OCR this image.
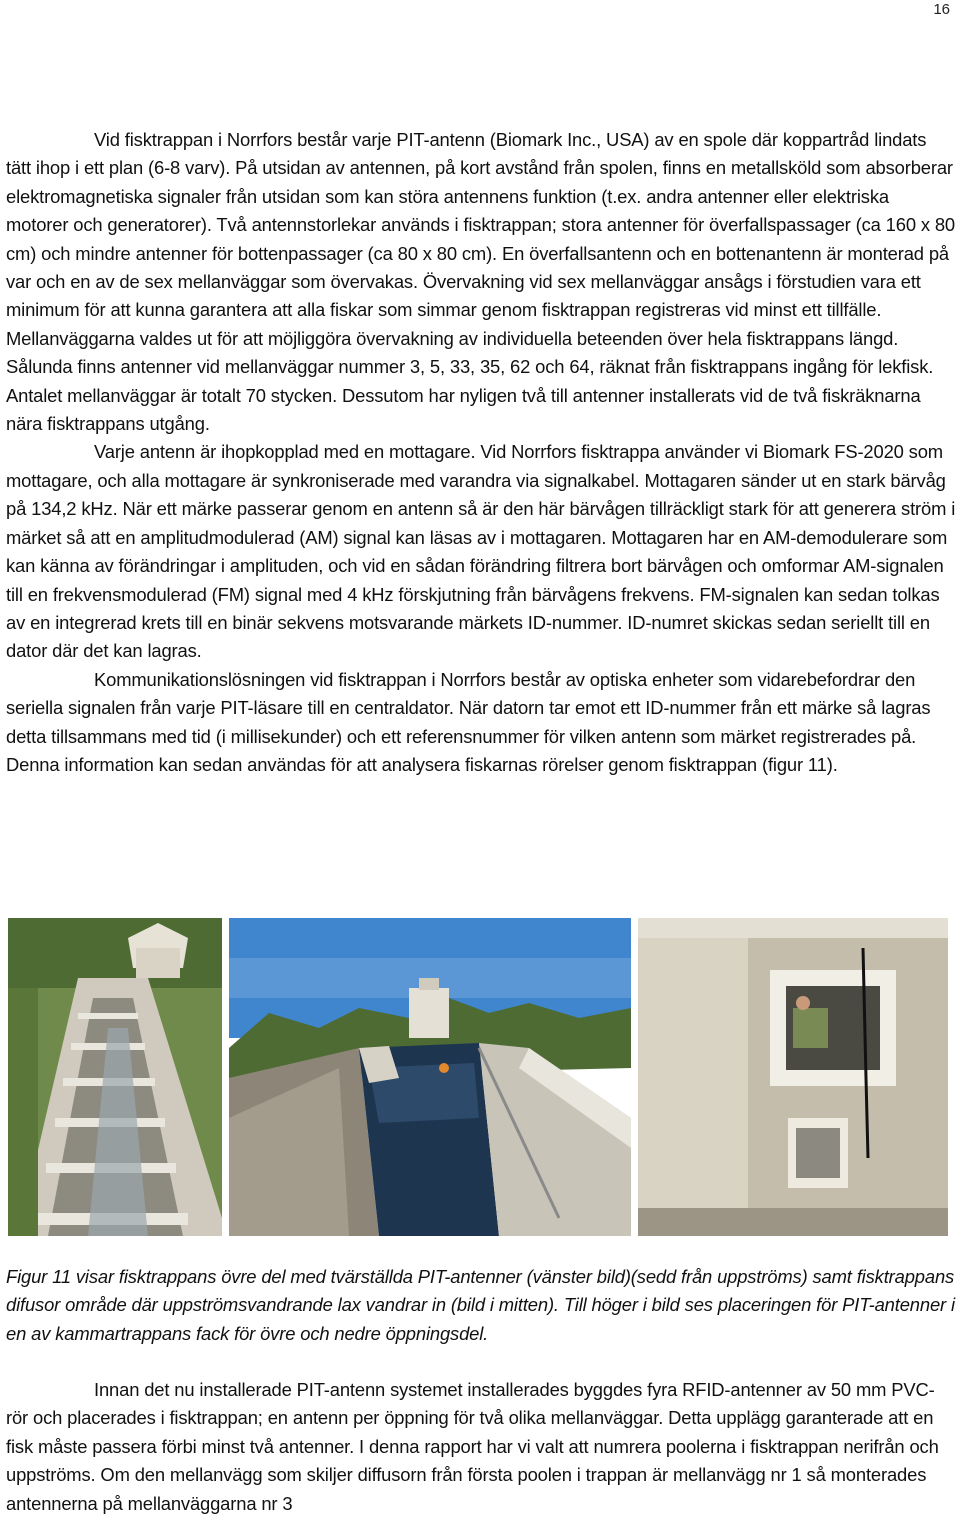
16

Vid fisktrappan i Norrfors består varje PIT-antenn (Biomark Inc., USA) av en spole där koppartråd lindats tätt ihop i ett plan (6-8 varv). På utsidan av antennen, på kort avstånd från spolen, finns en metallsköld som absorberar elektromagnetiska signaler från utsidan som kan störa antennens funktion (t.ex. andra antenner eller elektriska motorer och generatorer). Två antennstorlekar används i fisktrappan; stora antenner för överfallspassager (ca 160 x 80 cm) och mindre antenner för bottenpassager (ca 80 x 80 cm). En överfallsantenn och en bottenantenn är monterad på var och en av de sex mellanväggar som övervakas. Övervakning vid sex mellanväggar ansågs i förstudien vara ett minimum för att kunna garantera att alla fiskar som simmar genom fisktrappan registreras vid minst ett tillfälle. Mellanväggarna valdes ut för att möjliggöra övervakning av individuella beteenden över hela fisktrappans längd. Sålunda finns antenner vid mellanväggar nummer 3, 5, 33, 35, 62 och 64, räknat från fisktrappans ingång för lekfisk. Antalet mellanväggar är totalt 70 stycken. Dessutom har nyligen två till antenner installerats vid de två fiskräknarna nära fisktrappans utgång.

Varje antenn är ihopkopplad med en mottagare. Vid Norrfors fisktrappa använder vi Biomark FS-2020 som mottagare, och alla mottagare är synkroniserade med varandra via signalkabel. Mottagaren sänder ut en stark bärvåg på 134,2 kHz. När ett märke passerar genom en antenn så är den här bärvågen tillräckligt stark för att generera ström i märket så att en amplitudmodulerad (AM) signal kan läsas av i mottagaren. Mottagaren har en AM-demodulerare som kan känna av förändringar i amplituden, och vid en sådan förändring filtrera bort bärvågen och omformar AM-signalen till en frekvensmodulerad (FM) signal med 4 kHz förskjutning från bärvågens frekvens. FM-signalen kan sedan tolkas av en integrerad krets till en binär sekvens motsvarande märkets ID-nummer. ID-numret skickas sedan seriellt till en dator där det kan lagras.

Kommunikationslösningen vid fisktrappan i Norrfors består av optiska enheter som vidarebefordrar den seriella signalen från varje PIT-läsare till en centraldator. När datorn tar emot ett ID-nummer från ett märke så lagras detta tillsammans med tid (i millisekunder) och ett referensnummer för vilken antenn som märket registrerades på. Denna information kan sedan användas för att analysera fiskarnas rörelser genom fisktrappan (figur 11).

Figur 11 visar fisktrappans övre del med tvärställda PIT-antenner (vänster bild)(sedd från uppströms) samt fisktrappans difusor område där uppströmsvandrande lax vandrar in (bild i mitten). Till höger i bild ses placeringen för PIT-antenner i en av kammartrappans fack för övre och nedre öppningsdel.

Innan det nu installerade PIT-antenn systemet installerades byggdes fyra RFID-antenner av 50 mm PVC-rör och placerades i fisktrappan; en antenn per öppning för två olika mellanväggar. Detta upplägg garanterade att en fisk måste passera förbi minst två antenner. I denna rapport har vi valt att numrera poolerna i fisktrappan nerifrån och uppströms. Om den mellanvägg som skiljer diffusorn från första poolen i trappan är mellanvägg nr 1 så monterades antennerna på mellanväggarna nr 3
